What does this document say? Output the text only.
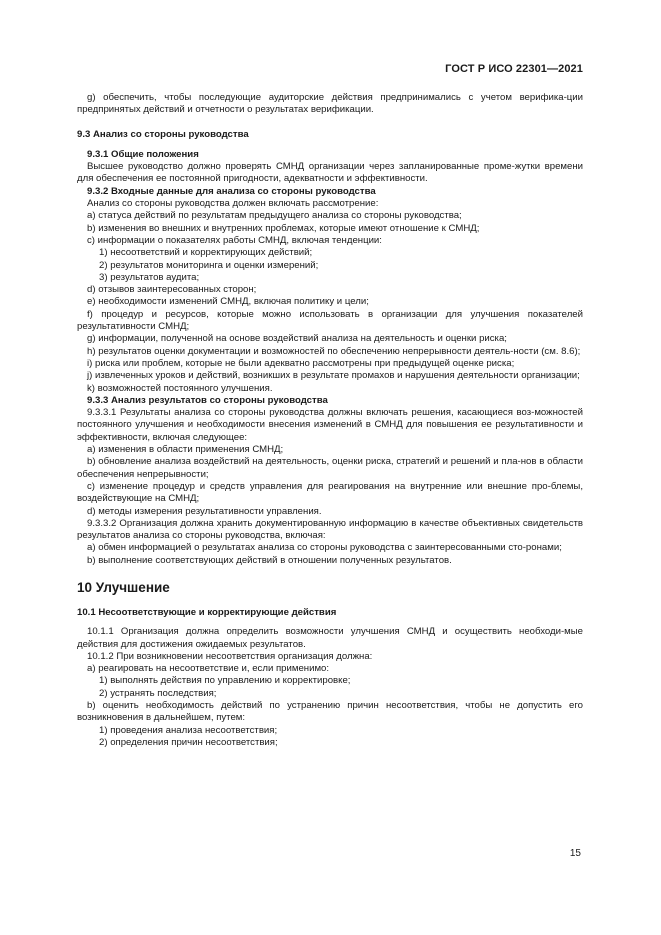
ГОСТ Р ИСО 22301—2021

g) обеспечить, чтобы последующие аудиторские действия предпринимались с учетом верифика-ции предпринятых действий и отчетности о результатах верификации.

9.3 Анализ со стороны руководства

9.3.1 Общие положения

Высшее руководство должно проверять СМНД организации через запланированные проме-жутки времени для обеспечения ее постоянной пригодности, адекватности и эффективности.

9.3.2 Входные данные для анализа со стороны руководства

Анализ со стороны руководства должен включать рассмотрение:

a) статуса действий по результатам предыдущего анализа со стороны руководства;

b) изменения во внешних и внутренних проблемах, которые имеют отношение к СМНД;

c) информации о показателях работы СМНД, включая тенденции:

1) несоответствий и корректирующих действий;

2) результатов мониторинга и оценки измерений;

3) результатов аудита;

d) отзывов заинтересованных сторон;

e) необходимости изменений СМНД, включая политику и цели;

f) процедур и ресурсов, которые можно использовать в организации для улучшения показателей результативности СМНД;

g) информации, полученной на основе воздействий анализа на деятельность и оценки риска;

h) результатов оценки документации и возможностей по обеспечению непрерывности деятель-ности (см. 8.6);

i) риска или проблем, которые не были адекватно рассмотрены при предыдущей оценке риска;

j) извлеченных уроков и действий, возникших в результате промахов и нарушения деятельности организации;

k) возможностей постоянного улучшения.

9.3.3 Анализ результатов со стороны руководства

9.3.3.1 Результаты анализа со стороны руководства должны включать решения, касающиеся воз-можностей постоянного улучшения и необходимости внесения изменений в СМНД для повышения ее результативности и эффективности, включая следующее:

a) изменения в области применения СМНД;

b) обновление анализа воздействий на деятельность, оценки риска, стратегий и решений и пла-нов в области обеспечения непрерывности;

c) изменение процедур и средств управления для реагирования на внутренние или внешние про-блемы, воздействующие на СМНД;

d) методы измерения результативности управления.

9.3.3.2 Организация должна хранить документированную информацию в качестве объективных свидетельств результатов анализа со стороны руководства, включая:

a) обмен информацией о результатах анализа со стороны руководства с заинтересованными сто-ронами;

b) выполнение соответствующих действий в отношении полученных результатов.

10 Улучшение

10.1 Несоответствующие и корректирующие действия

10.1.1 Организация должна определить возможности улучшения СМНД и осуществить необходи-мые действия для достижения ожидаемых результатов.

10.1.2 При возникновении несоответствия организация должна:

a) реагировать на несоответствие и, если применимо:

1) выполнять действия по управлению и корректировке;

2) устранять последствия;

b) оценить необходимость действий по устранению причин несоответствия, чтобы не допустить его возникновения в дальнейшем, путем:

1) проведения анализа несоответствия;

2) определения причин несоответствия;

15
